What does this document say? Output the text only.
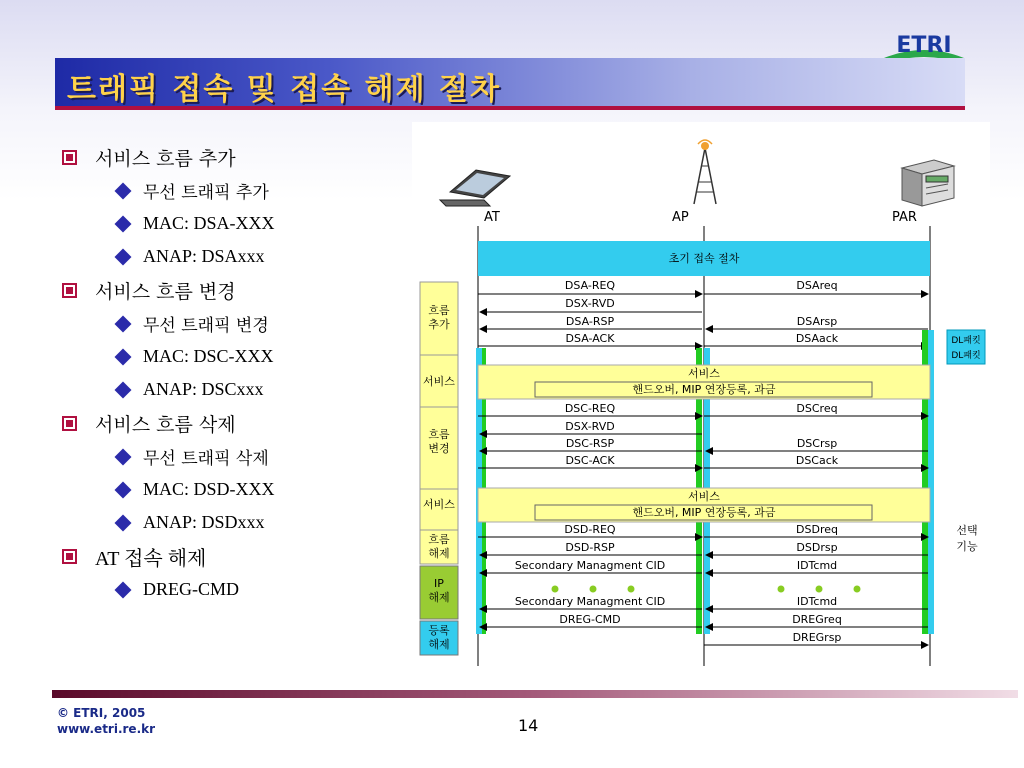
ETRI
트래픽 접속 및 접속 해제 절차
서비스 흐름 추가
무선 트래픽 추가
MAC: DSA-XXX
ANAP: DSAxxx
서비스 흐름 변경
무선 트래픽 변경
MAC: DSC-XXX
ANAP: DSCxxx
서비스 흐름 삭제
무선 트래픽 삭제
MAC: DSD-XXX
ANAP: DSDxxx
AT 접속 해제
DREG-CMD
AT	AP	PAR
초기 접속 절차
흐름
추가
서비스
흐름
변경
서비스
흐름
해제
IP
해제
등록
해제
DSA-REQ	DSAreq
DSX-RVD
DSA-RSP	DSArsp
DSA-ACK	DSAack	DL패킷
DL패킷
서비스
핸드오버, MIP 연장등록, 과금
DSC-REQ	DSCreq
DSX-RVD
DSC-RSP	DSCrsp
DSC-ACK	DSCack
서비스
핸드오버, MIP 연장등록, 과금
DSD-REQ	DSDreq
DSD-RSP	DSDrsp
선택
기능
Secondary Managment CID	IDTcmd
Secondary Managment CID	IDTcmd
DREG-CMD	DREGreq
DREGrsp
© ETRI, 2005
www.etri.re.kr	14
